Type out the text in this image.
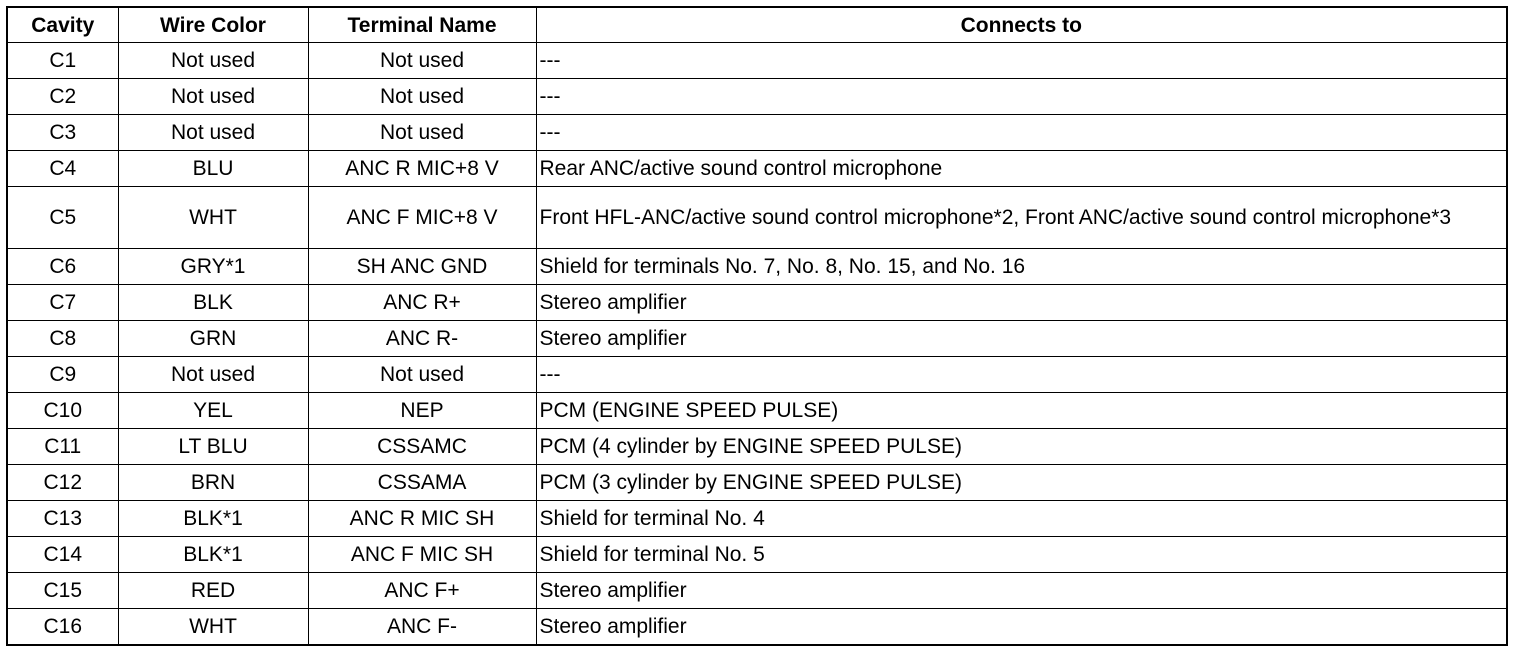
Cavity	Wire Color	Terminal Name	Connects to
C1	Not used	Not used	---
C2	Not used	Not used	---
C3	Not used	Not used	---
C4	BLU	ANC R MIC+8 V	Rear ANC/active sound control microphone
C5	WHT	ANC F MIC+8 V	Front HFL-ANC/active sound control microphone*2, Front ANC/active sound control microphone*3
C6	GRY*1	SH ANC GND	Shield for terminals No. 7, No. 8, No. 15, and No. 16
C7	BLK	ANC R+	Stereo amplifier
C8	GRN	ANC R-	Stereo amplifier
C9	Not used	Not used	---
C10	YEL	NEP	PCM (ENGINE SPEED PULSE)
C11	LT BLU	CSSAMC	PCM (4 cylinder by ENGINE SPEED PULSE)
C12	BRN	CSSAMA	PCM (3 cylinder by ENGINE SPEED PULSE)
C13	BLK*1	ANC R MIC SH	Shield for terminal No. 4
C14	BLK*1	ANC F MIC SH	Shield for terminal No. 5
C15	RED	ANC F+	Stereo amplifier
C16	WHT	ANC F-	Stereo amplifier
